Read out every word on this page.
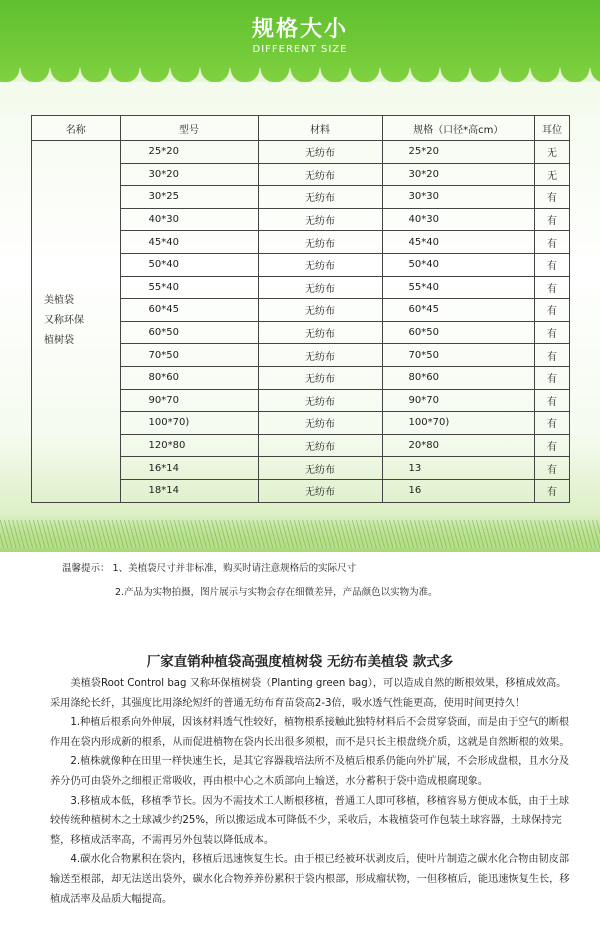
规格大小
DIFFERENT SIZE
名称	型号	材料	规格（口径*高cm）	耳位

美植袋
又称环保
植树袋	25*20	无纺布	25*20	无
	30*20	无纺布	30*20	无
	30*25	无纺布	30*30	有
	40*30	无纺布	40*30	有
	45*40	无纺布	45*40	有
	50*40	无纺布	50*40	有
	55*40	无纺布	55*40	有
	60*45	无纺布	60*45	有
	60*50	无纺布	60*50	有
	70*50	无纺布	70*50	有
	80*60	无纺布	80*60	有
	90*70	无纺布	90*70	有
	100*70)	无纺布	100*70)	有
	120*80	无纺布	20*80	有
	16*14	无纺布	13	有
	18*14	无纺布	16	有
温馨提示： 1、美植袋尺寸并非标准，购买时请注意规格后的实际尺寸
2.产品为实物拍摄，图片展示与实物会存在细微差异，产品颜色以实物为准。
厂家直销种植袋高强度植树袋 无纺布美植袋 款式多

美植袋Root Control bag 又称环保植树袋（Planting green bag），可以造成自然的断根效果，移植成效高。采用涤纶长纤，其强度比用涤纶短纤的普通无纺布育苗袋高2-3倍，吸水透气性能更高，使用时间更持久！

1.种植后根系向外伸展，因该材料透气性较好，植物根系接触此独特材料后不会贯穿袋面，而是由于空气的断根作用在袋内形成新的根系，从而促进植物在袋内长出很多须根，而不是只长主根盘绕介质，这就是自然断根的效果。

2.植株就像种在田里一样快速生长，是其它容器栽培法所不及植后根系仍能向外扩展，不会形成盘根，且水分及养分仍可由袋外之细根正常吸收，再由根中心之木质部向上输送，水分蓄积于袋中造成根腐现象。

3.移植成本低，移植季节长。因为不需技术工人断根移植，普通工人即可移植，移植容易方便成本低，由于土球较传统种植树木之土球减少约25%，所以搬运成本可降低不少，采收后，本栽植袋可作包装土球容器，土球保持完整，移植成活率高，不需再另外包装以降低成本。

4.碳水化合物累积在袋内，移植后迅速恢复生长。由于根已经被环状剥皮后，使叶片制造之碳水化合物由韧皮部输送至根部，却无法送出袋外，碳水化合物养养份累积于袋内根部，形成瘤状物，一但移植后，能迅速恢复生长，移植成活率及品质大幅提高。
